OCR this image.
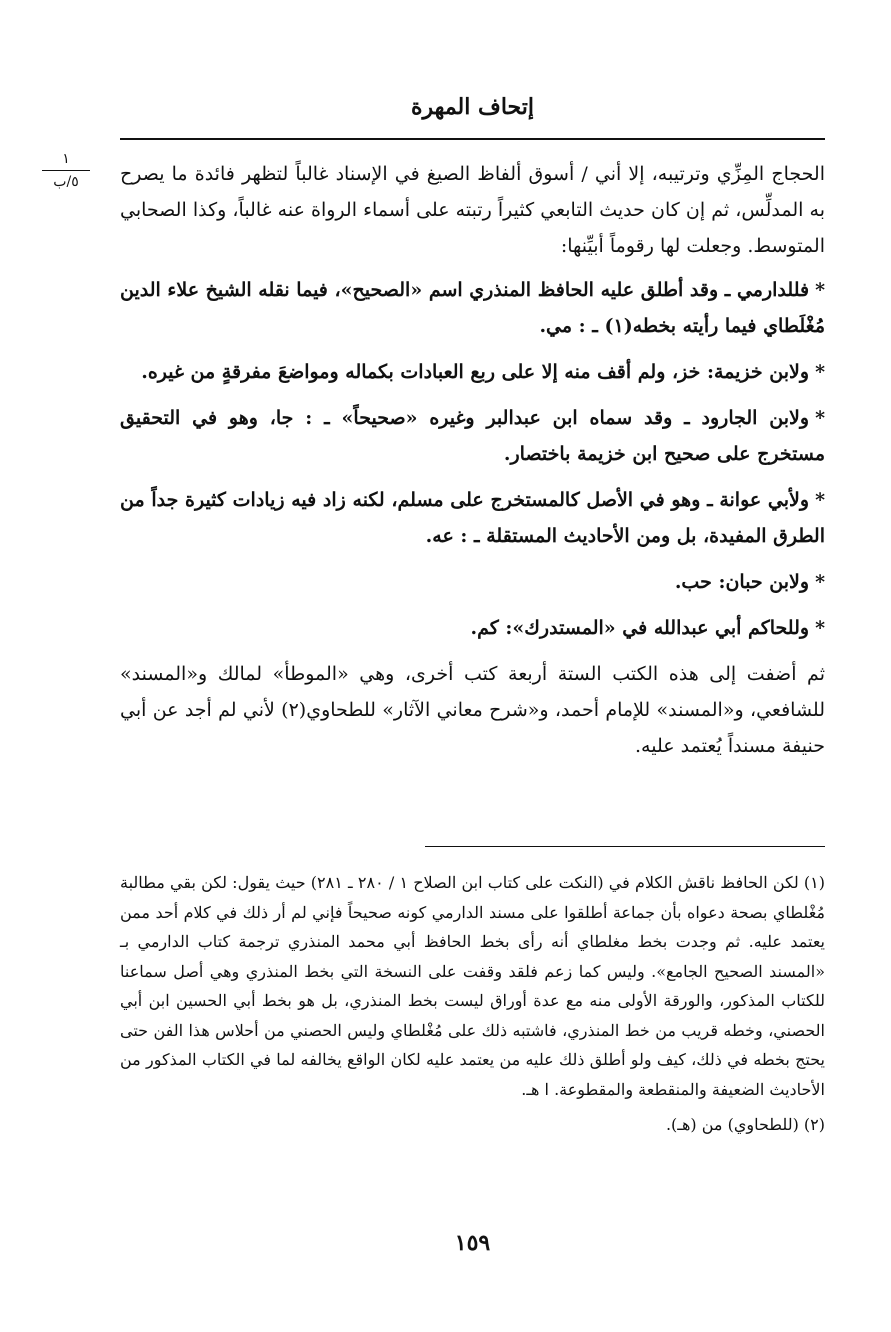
إتحاف المهرة
١
٥/ب	الحجاج المِزِّي وترتيبه، إلا أني / أسوق ألفاظ الصيغ في الإسناد غالباً لتظهر فائدة ما يصرح به المدلِّس، ثم إن كان حديث التابعي كثيراً رتبته على أسماء الرواة عنه غالباً، وكذا الصحابي المتوسط. وجعلت لها رقوماً أبيِّنها:

*فللدارمي ـ وقد أطلق عليه الحافظ المنذري اسم «الصحيح»، فيما نقله الشيخ علاء الدين مُغْلَطاي فيما رأيته بخطه(١) ـ : مي.

*ولابن خزيمة: خز، ولم أقف منه إلا على ربع العبادات بكماله ومواضعَ مفرقةٍ من غيره.

*ولابن الجارود ـ وقد سماه ابن عبدالبر وغيره «صحيحاً» ـ : جا، وهو في التحقيق مستخرج على صحيح ابن خزيمة باختصار.

*ولأبي عوانة ـ وهو في الأصل كالمستخرج على مسلم، لكنه زاد فيه زيادات كثيرة جداً من الطرق المفيدة، بل ومن الأحاديث المستقلة ـ : عه.

*ولابن حبان: حب.

*وللحاكم أبي عبدالله في «المستدرك»: كم.

ثم أضفت إلى هذه الكتب الستة أربعة كتب أخرى، وهي «الموطأ» لمالك و«المسند» للشافعي، و«المسند» للإمام أحمد، و«شرح معاني الآثار» للطحاوي(٢) لأني لم أجد عن أبي حنيفة مسنداً يُعتمد عليه.

(١) لكن الحافظ ناقش الكلام في (النكت على كتاب ابن الصلاح ١ / ٢٨٠ ـ ٢٨١) حيث يقول: لكن بقي مطالبة مُغْلطاي بصحة دعواه بأن جماعة أطلقوا على مسند الدارمي كونه صحيحاً فإني لم أر ذلك في كلام أحد ممن يعتمد عليه. ثم وجدت بخط مغلطاي أنه رأى بخط الحافظ أبي محمد المنذري ترجمة كتاب الدارمي بـ «المسند الصحيح الجامع». وليس كما زعم فلقد وقفت على النسخة التي بخط المنذري وهي أصل سماعنا للكتاب المذكور، والورقة الأولى منه مع عدة أوراق ليست بخط المنذري، بل هو بخط أبي الحسين ابن أبي الحصني، وخطه قريب من خط المنذري، فاشتبه ذلك على مُغْلطاي وليس الحصني من أحلاس هذا الفن حتى يحتج بخطه في ذلك، كيف ولو أطلق ذلك عليه من يعتمد عليه لكان الواقع يخالفه لما في الكتاب المذكور من الأحاديث الضعيفة والمنقطعة والمقطوعة. ا هـ.

(٢) (للطحاوي) من (هـ).

١٥٩
